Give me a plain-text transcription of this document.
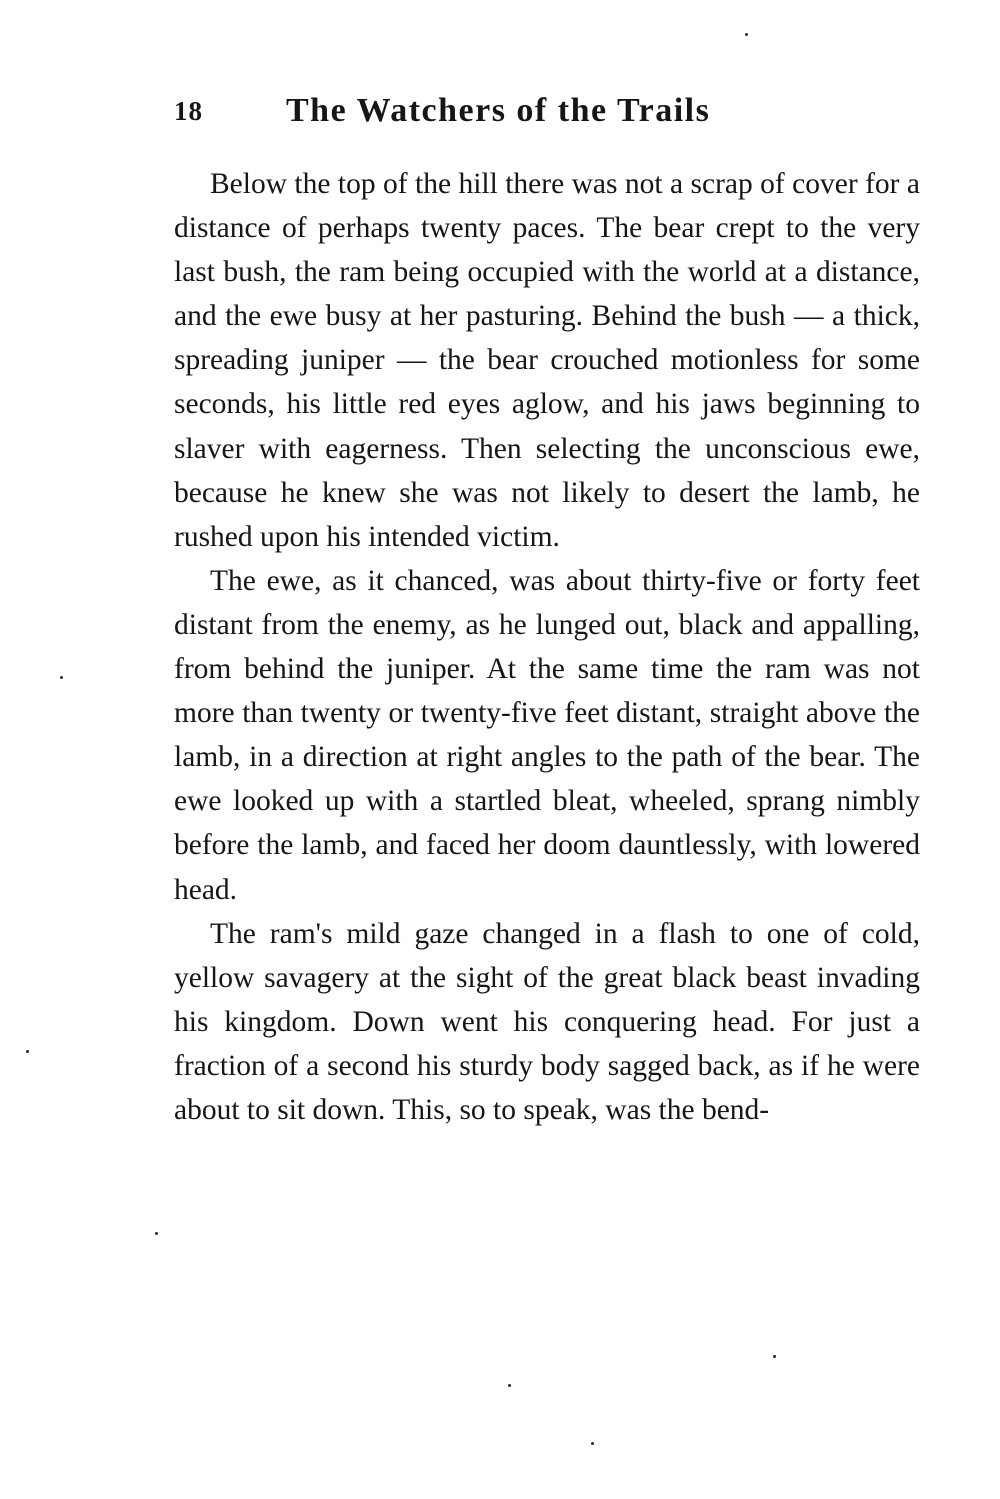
18 The Watchers of the Trails

Below the top of the hill there was not a scrap of cover for a distance of perhaps twenty paces. The bear crept to the very last bush, the ram being occupied with the world at a distance, and the ewe busy at her pasturing. Behind the bush — a thick, spreading juniper — the bear crouched motionless for some seconds, his little red eyes aglow, and his jaws beginning to slaver with eagerness. Then selecting the unconscious ewe, because he knew she was not likely to desert the lamb, he rushed upon his intended victim.

The ewe, as it chanced, was about thirty-five or forty feet distant from the enemy, as he lunged out, black and appalling, from behind the juniper. At the same time the ram was not more than twenty or twenty-five feet distant, straight above the lamb, in a direction at right angles to the path of the bear. The ewe looked up with a startled bleat, wheeled, sprang nimbly before the lamb, and faced her doom dauntlessly, with lowered head.

The ram's mild gaze changed in a flash to one of cold, yellow savagery at the sight of the great black beast invading his kingdom. Down went his conquering head. For just a fraction of a second his sturdy body sagged back, as if he were about to sit down. This, so to speak, was the bend-
